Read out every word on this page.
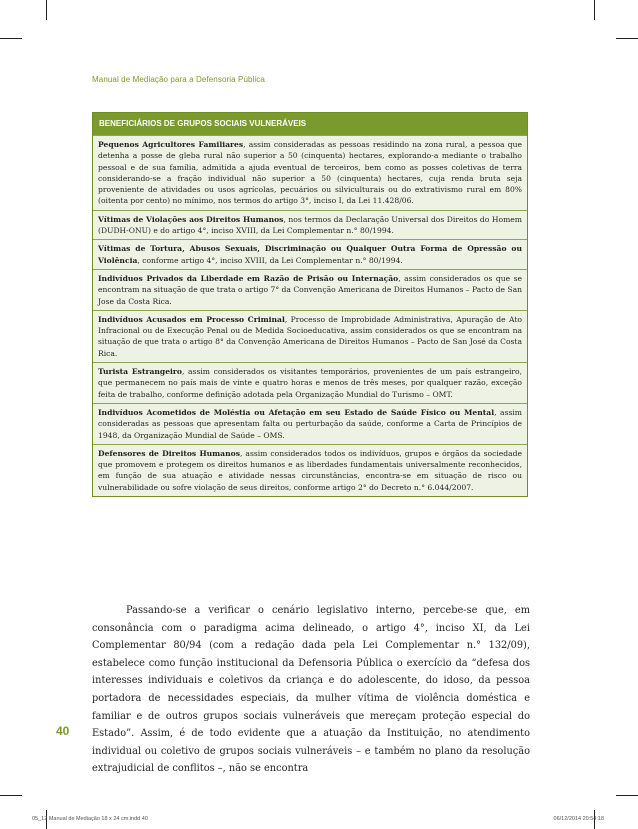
Manual de Mediação para a Defensoria Pública
BENEFICIÁRIOS DE GRUPOS SOCIAIS VULNERÁVEIS
Pequenos Agricultores Familiares, assim consideradas as pessoas residindo na zona rural, a pessoa que detenha a posse de gleba rural não superior a 50 (cinquenta) hectares, explorando-a mediante o trabalho pessoal e de sua família, admitida a ajuda eventual de terceiros, bem como as posses coletivas de terra considerando-se a fração individual não superior a 50 (cinquenta) hectares, cuja renda bruta seja proveniente de atividades ou usos agrícolas, pecuários ou silviculturais ou do extrativismo rural em 80% (oitenta por cento) no mínimo, nos termos do artigo 3°, inciso I, da Lei 11.428/06.
Vítimas de Violações aos Direitos Humanos, nos termos da Declaração Universal dos Direitos do Homem (DUDH-ONU) e do artigo 4°, inciso XVIII, da Lei Complementar n.° 80/1994.
Vítimas de Tortura, Abusos Sexuais, Discriminação ou Qualquer Outra Forma de Opressão ou Violência, conforme artigo 4°, inciso XVIII, da Lei Complementar n.° 80/1994.
Indivíduos Privados da Liberdade em Razão de Prisão ou Internação, assim considerados os que se encontram na situação de que trata o artigo 7° da Convenção Americana de Direitos Humanos – Pacto de San Jose da Costa Rica.
Indivíduos Acusados em Processo Criminal, Processo de Improbidade Administrativa, Apuração de Ato Infracional ou de Execução Penal ou de Medida Socioeducativa, assim considerados os que se encontram na situação de que trata o artigo 8° da Convenção Americana de Direitos Humanos – Pacto de San José da Costa Rica.
Turista Estrangeiro, assim considerados os visitantes temporários, provenientes de um país estrangeiro, que permanecem no país mais de vinte e quatro horas e menos de três meses, por qualquer razão, exceção feita de trabalho, conforme definição adotada pela Organização Mundial do Turismo – OMT.
Indivíduos Acometidos de Moléstia ou Afetação em seu Estado de Saúde Físico ou Mental, assim consideradas as pessoas que apresentam falta ou perturbação da saúde, conforme a Carta de Princípios de 1948, da Organização Mundial de Saúde – OMS.
Defensores de Direitos Humanos, assim considerados todos os indivíduos, grupos e órgãos da sociedade que promovem e protegem os direitos humanos e as liberdades fundamentais universalmente reconhecidos, em função de sua atuação e atividade nessas circunstâncias, encontra-se em situação de risco ou vulnerabilidade ou sofre violação de seus direitos, conforme artigo 2° do Decreto n.° 6.044/2007.

Passando-se a verificar o cenário legislativo interno, percebe-se que, em consonância com o paradigma acima delineado, o artigo 4°, inciso XI, da Lei Complementar 80/94 (com a redação dada pela Lei Complementar n.° 132/09), estabelece como função institucional da Defensoria Pública o exercício da “defesa dos interesses individuais e coletivos da criança e do adolescente, do idoso, da pessoa portadora de necessidades especiais, da mulher vítima de violência doméstica e familiar e de outros grupos sociais vulneráveis que mereçam proteção especial do Estado”. Assim, é de todo evidente que a atuação da Instituição, no atendimento individual ou coletivo de grupos sociais vulneráveis – e também no plano da resolução extrajudicial de conflitos –, não se encontra

40
05_12 Manual de Mediação 18 x 24 cm.indd 40	06/12/2014 20:54:18
